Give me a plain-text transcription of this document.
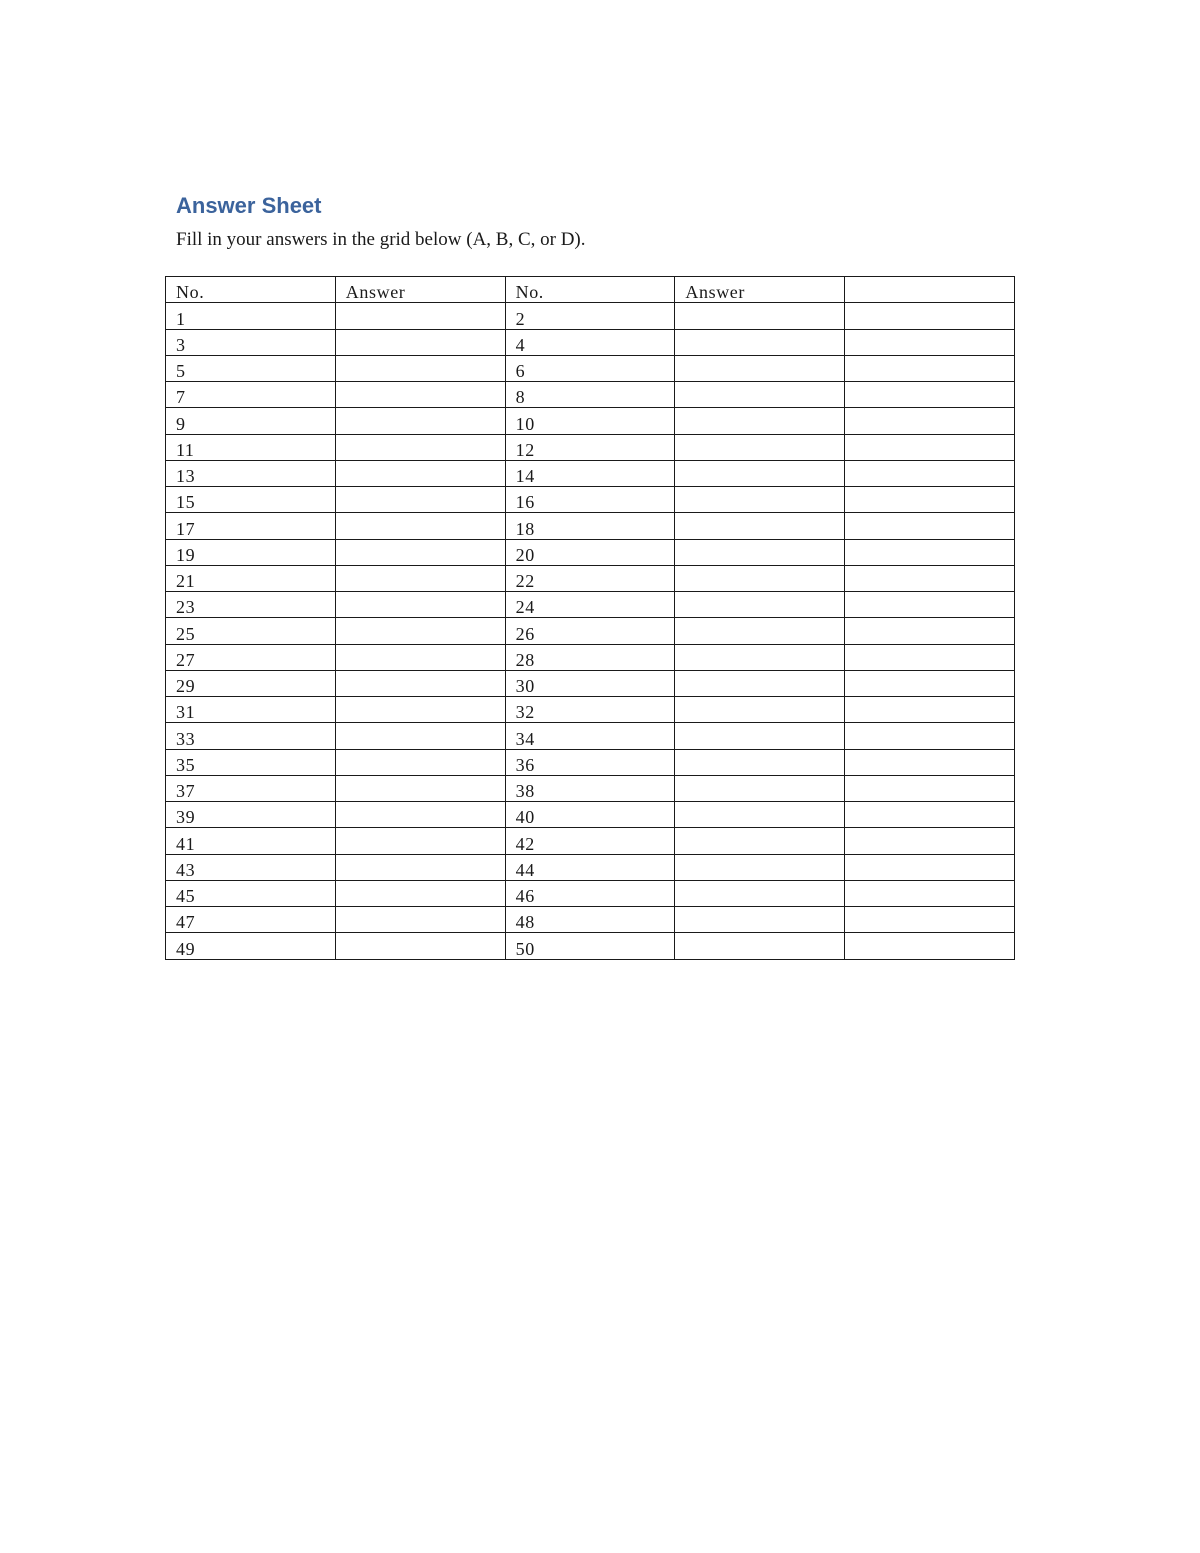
Answer Sheet
Fill in your answers in the grid below (A, B, C, or D).
No.	Answer	No.	Answer	
1		2		
3		4		
5		6		
7		8		
9		10		
11		12		
13		14		
15		16		
17		18		
19		20		
21		22		
23		24		
25		26		
27		28		
29		30		
31		32		
33		34		
35		36		
37		38		
39		40		
41		42		
43		44		
45		46		
47		48		
49		50		
